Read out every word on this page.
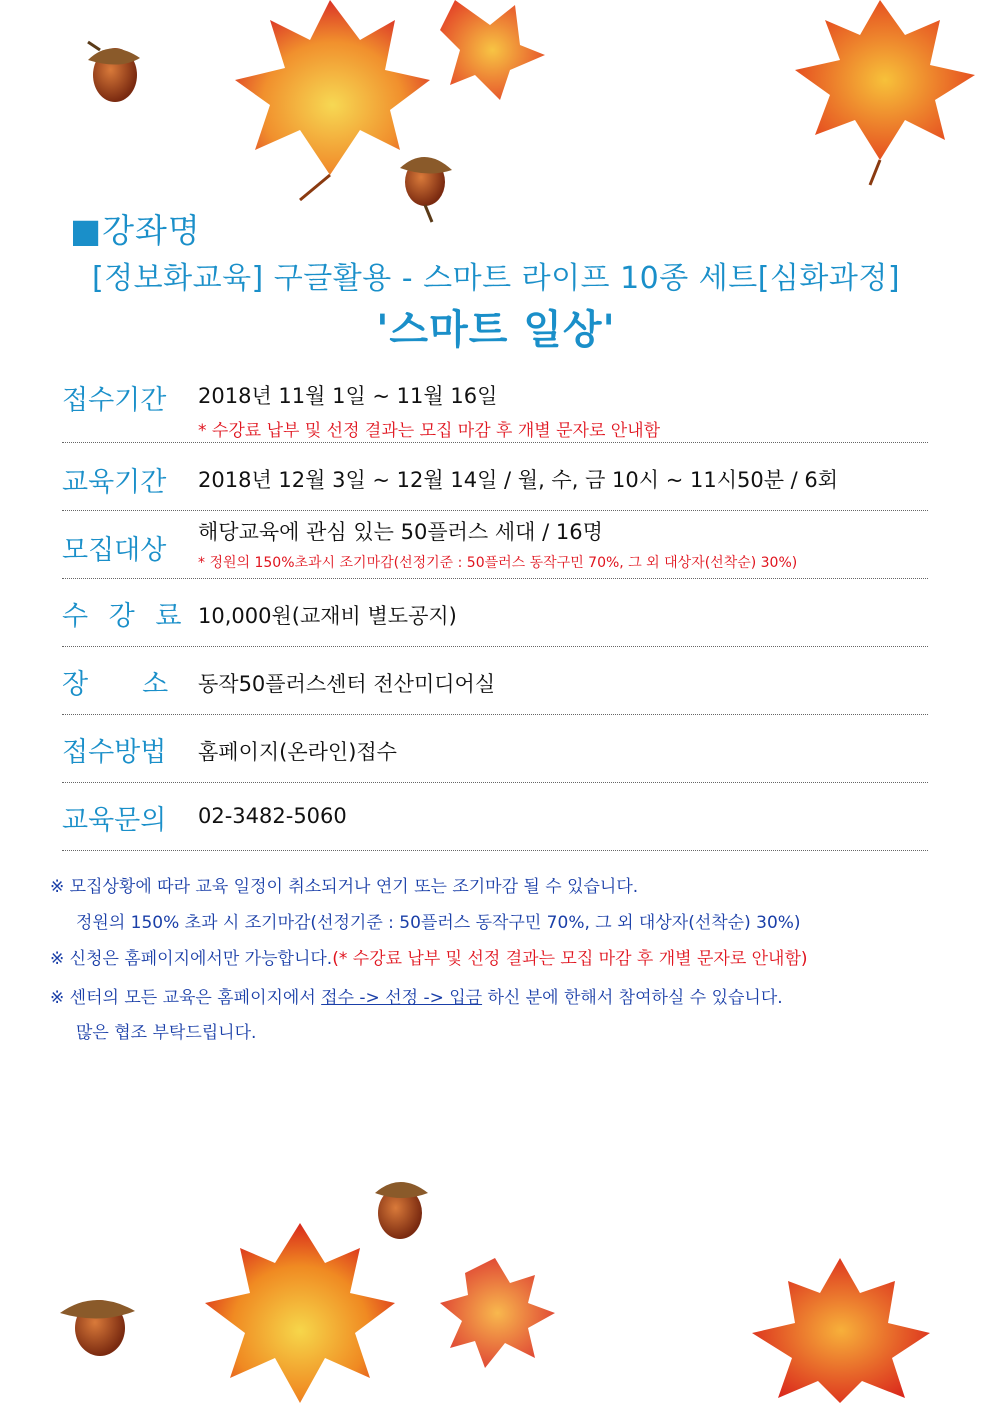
■강좌명
[정보화교육] 구글활용 - 스마트 라이프 10종 세트[심화과정]
'스마트 일상'
접수기간 2018년 11월 1일 ~ 11월 16일
* 수강료 납부 및 선정 결과는 모집 마감 후 개별 문자로 안내함
교육기간 2018년 12월 3일 ~ 12월 14일 / 월, 수, 금 10시 ~ 11시50분 / 6회
모집대상
해당교육에 관심 있는 50플러스 세대 / 16명
* 정원의 150%초과시 조기마감(선정기준 : 50플러스 동작구민 70%, 그 외 대상자(선착순) 30%)
수 강 료 10,000원(교재비 별도공지)
장　　소 동작50플러스센터 전산미디어실
접수방법 홈페이지(온라인)접수
교육문의 02-3482-5060
※ 모집상황에 따라 교육 일정이 취소되거나 연기 또는 조기마감 될 수 있습니다.
정원의 150% 초과 시 조기마감(선정기준 : 50플러스 동작구민 70%, 그 외 대상자(선착순) 30%)
※ 신청은 홈페이지에서만 가능합니다.(* 수강료 납부 및 선정 결과는 모집 마감 후 개별 문자로 안내함)
※ 센터의 모든 교육은 홈페이지에서 접수 -> 선정 -> 입금 하신 분에 한해서 참여하실 수 있습니다.
많은 협조 부탁드립니다.
